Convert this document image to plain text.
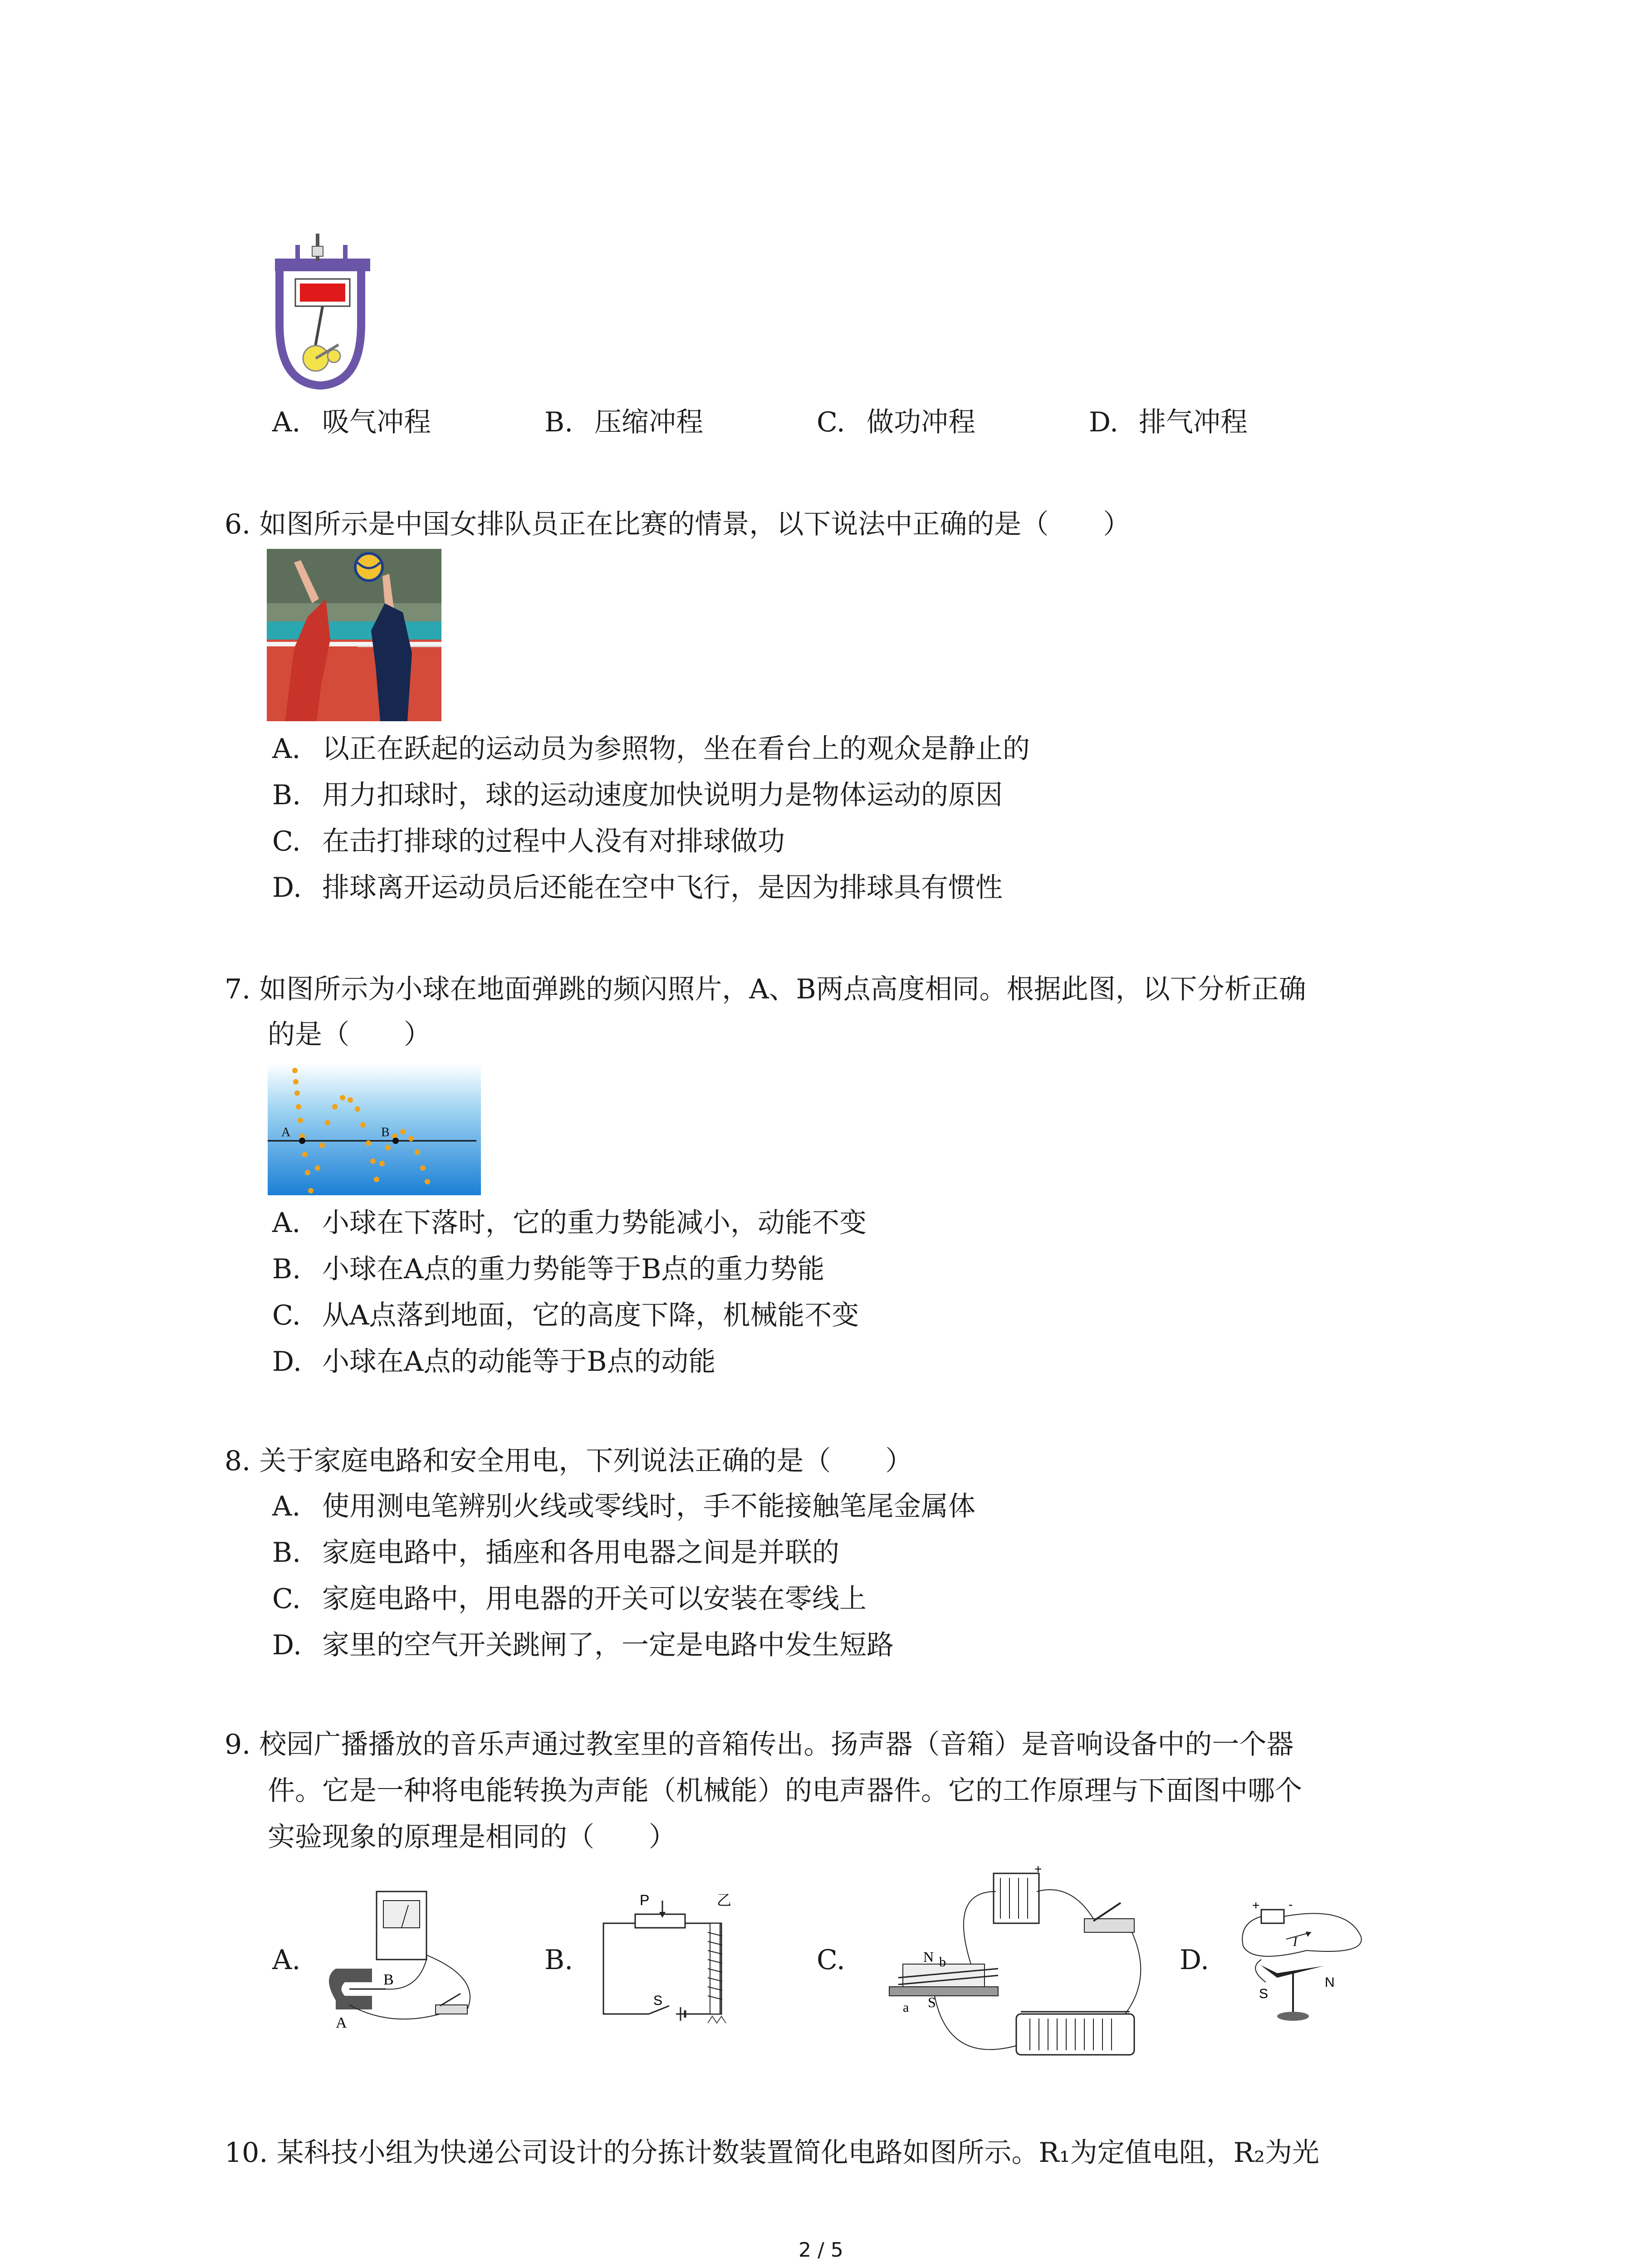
A. 吸气冲程	B. 压缩冲程	C. 做功冲程	D. 排气冲程
6. 如图所示是中国女排队员正在比赛的情景，以下说法中正确的是（　　）
A. 以正在跃起的运动员为参照物，坐在看台上的观众是静止的
B. 用力扣球时，球的运动速度加快说明力是物体运动的原因
C. 在击打排球的过程中人没有对排球做功
D. 排球离开运动员后还能在空中飞行，是因为排球具有惯性
7. 如图所示为小球在地面弹跳的频闪照片，A、B两点高度相同。根据此图，以下分析正确
的是（　　）
A	B
A. 小球在下落时，它的重力势能减小，动能不变
B. 小球在A点的重力势能等于B点的重力势能
C. 从A点落到地面，它的高度下降，机械能不变
D. 小球在A点的动能等于B点的动能
8. 关于家庭电路和安全用电，下列说法正确的是（　　）
A. 使用测电笔辨别火线或零线时，手不能接触笔尾金属体
B. 家庭电路中，插座和各用电器之间是并联的
C. 家庭电路中，用电器的开关可以安装在零线上
D. 家里的空气开关跳闸了，一定是电路中发生短路
9. 校园广播播放的音乐声通过教室里的音箱传出。扬声器（音箱）是音响设备中的一个器
件。它是一种将电能转换为声能（机械能）的电声器件。它的工作原理与下面图中哪个
实验现象的原理是相同的（　　）
A.	B.	C.	D.
B
A
P	乙
S
+
N b
a S
+ -
I
S
N
10. 某科技小组为快递公司设计的分拣计数装置简化电路如图所示。R₁为定值电阻，R₂为光
2 / 5
